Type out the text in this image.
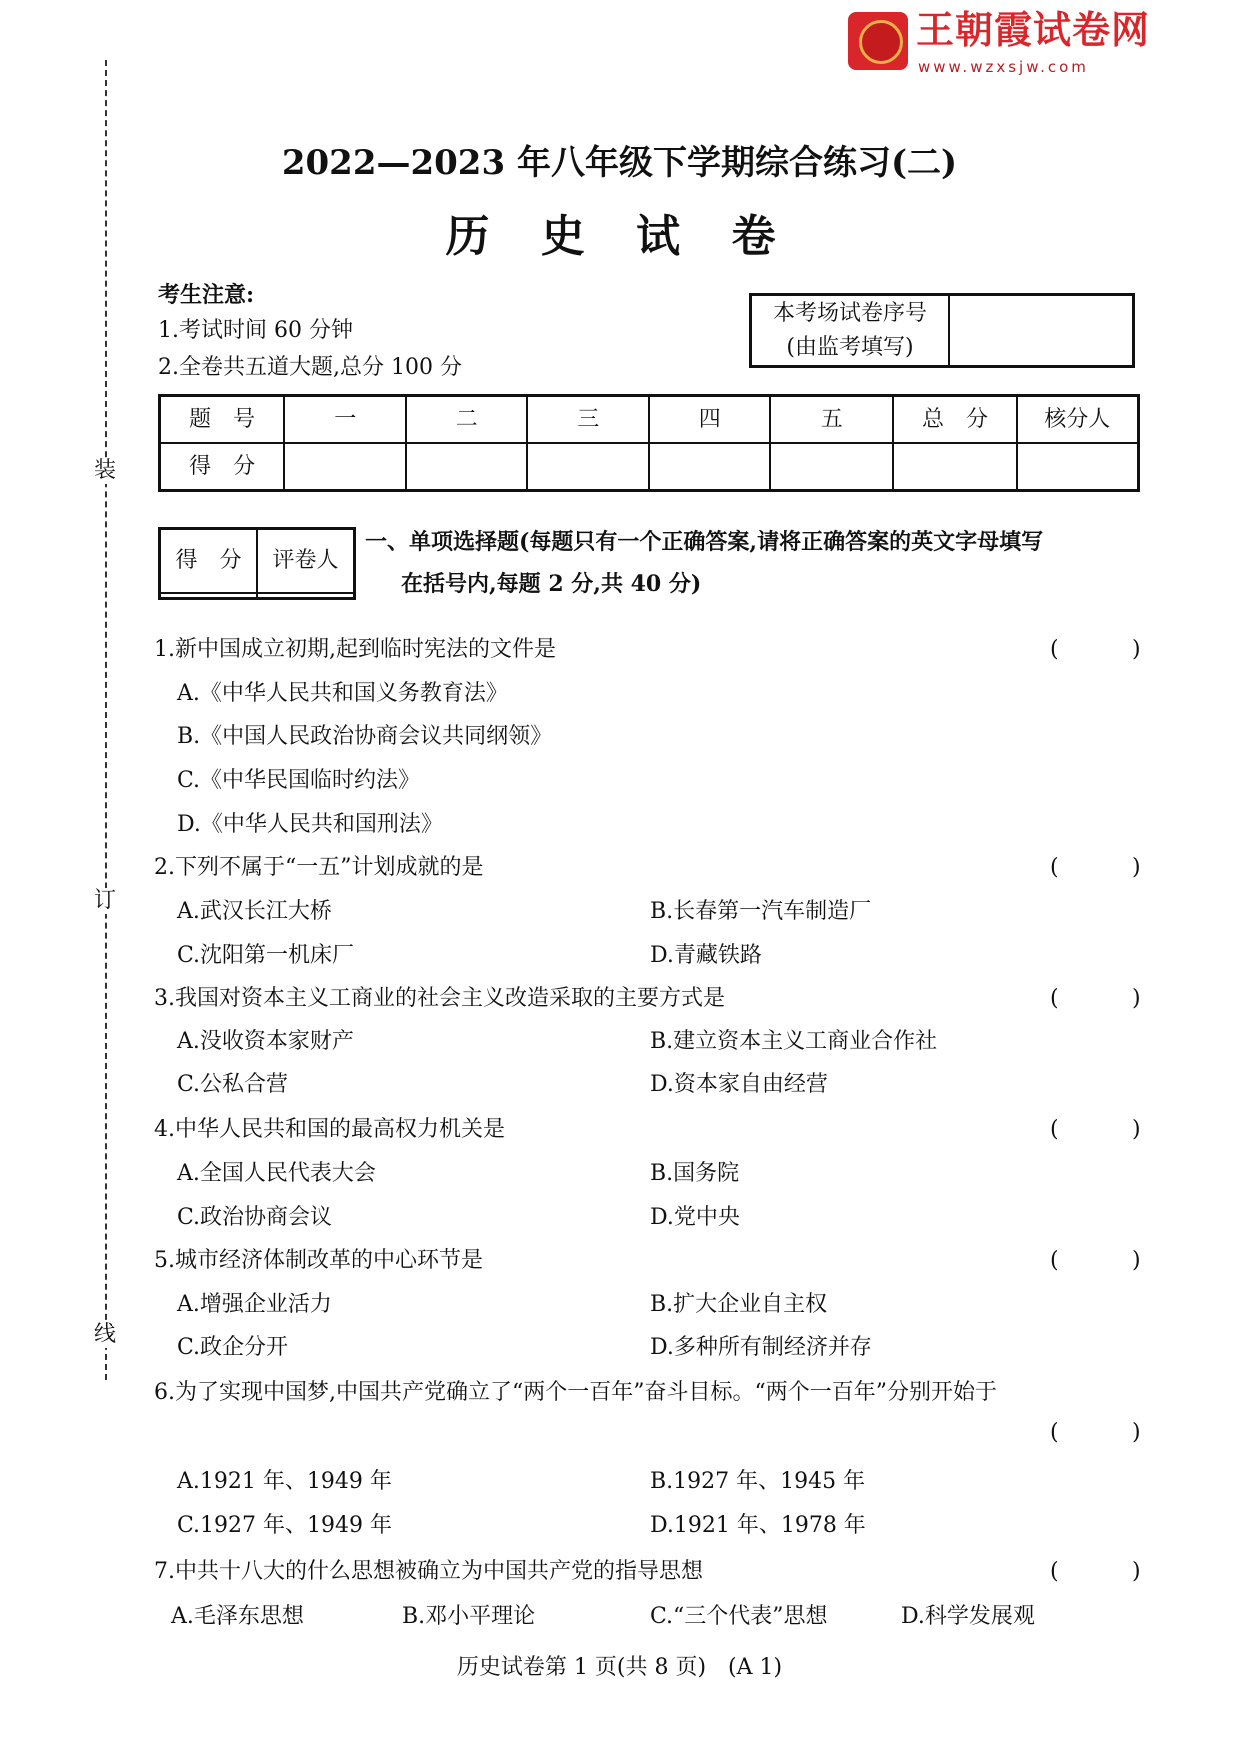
王朝霞试卷网
www.wzxsjw.com
装
订
线
2022—2023 年八年级下学期综合练习(二)
历 史 试 卷
考生注意:
1.考试时间 60 分钟
2.全卷共五道大题,总分 100 分
本考场试卷序号
(由监考填写)	
题　号	一	二	三	四	五	总　分	核分人
得　分							
得　分	评卷人

一、单项选择题(每题只有一个正确答案,请将正确答案的英文字母填写
在括号内,每题 2 分,共 40 分)
1.新中国成立初期,起到临时宪法的文件是	(	)
A.《中华人民共和国义务教育法》
B.《中国人民政治协商会议共同纲领》
C.《中华民国临时约法》
D.《中华人民共和国刑法》
2.下列不属于“一五”计划成就的是	(	)
A.武汉长江大桥	B.长春第一汽车制造厂
C.沈阳第一机床厂	D.青藏铁路
3.我国对资本主义工商业的社会主义改造采取的主要方式是	(	)
A.没收资本家财产	B.建立资本主义工商业合作社
C.公私合营	D.资本家自由经营
4.中华人民共和国的最高权力机关是	(	)
A.全国人民代表大会	B.国务院
C.政治协商会议	D.党中央
5.城市经济体制改革的中心环节是	(	)
A.增强企业活力	B.扩大企业自主权
C.政企分开	D.多种所有制经济并存
6.为了实现中国梦,中国共产党确立了“两个一百年”奋斗目标。“两个一百年”分别开始于
(	)
A.1921 年、1949 年	B.1927 年、1945 年
C.1927 年、1949 年	D.1921 年、1978 年
7.中共十八大的什么思想被确立为中国共产党的指导思想	(	)
A.毛泽东思想	B.邓小平理论	C.“三个代表”思想	D.科学发展观
历史试卷第 1 页(共 8 页)　(A 1)
